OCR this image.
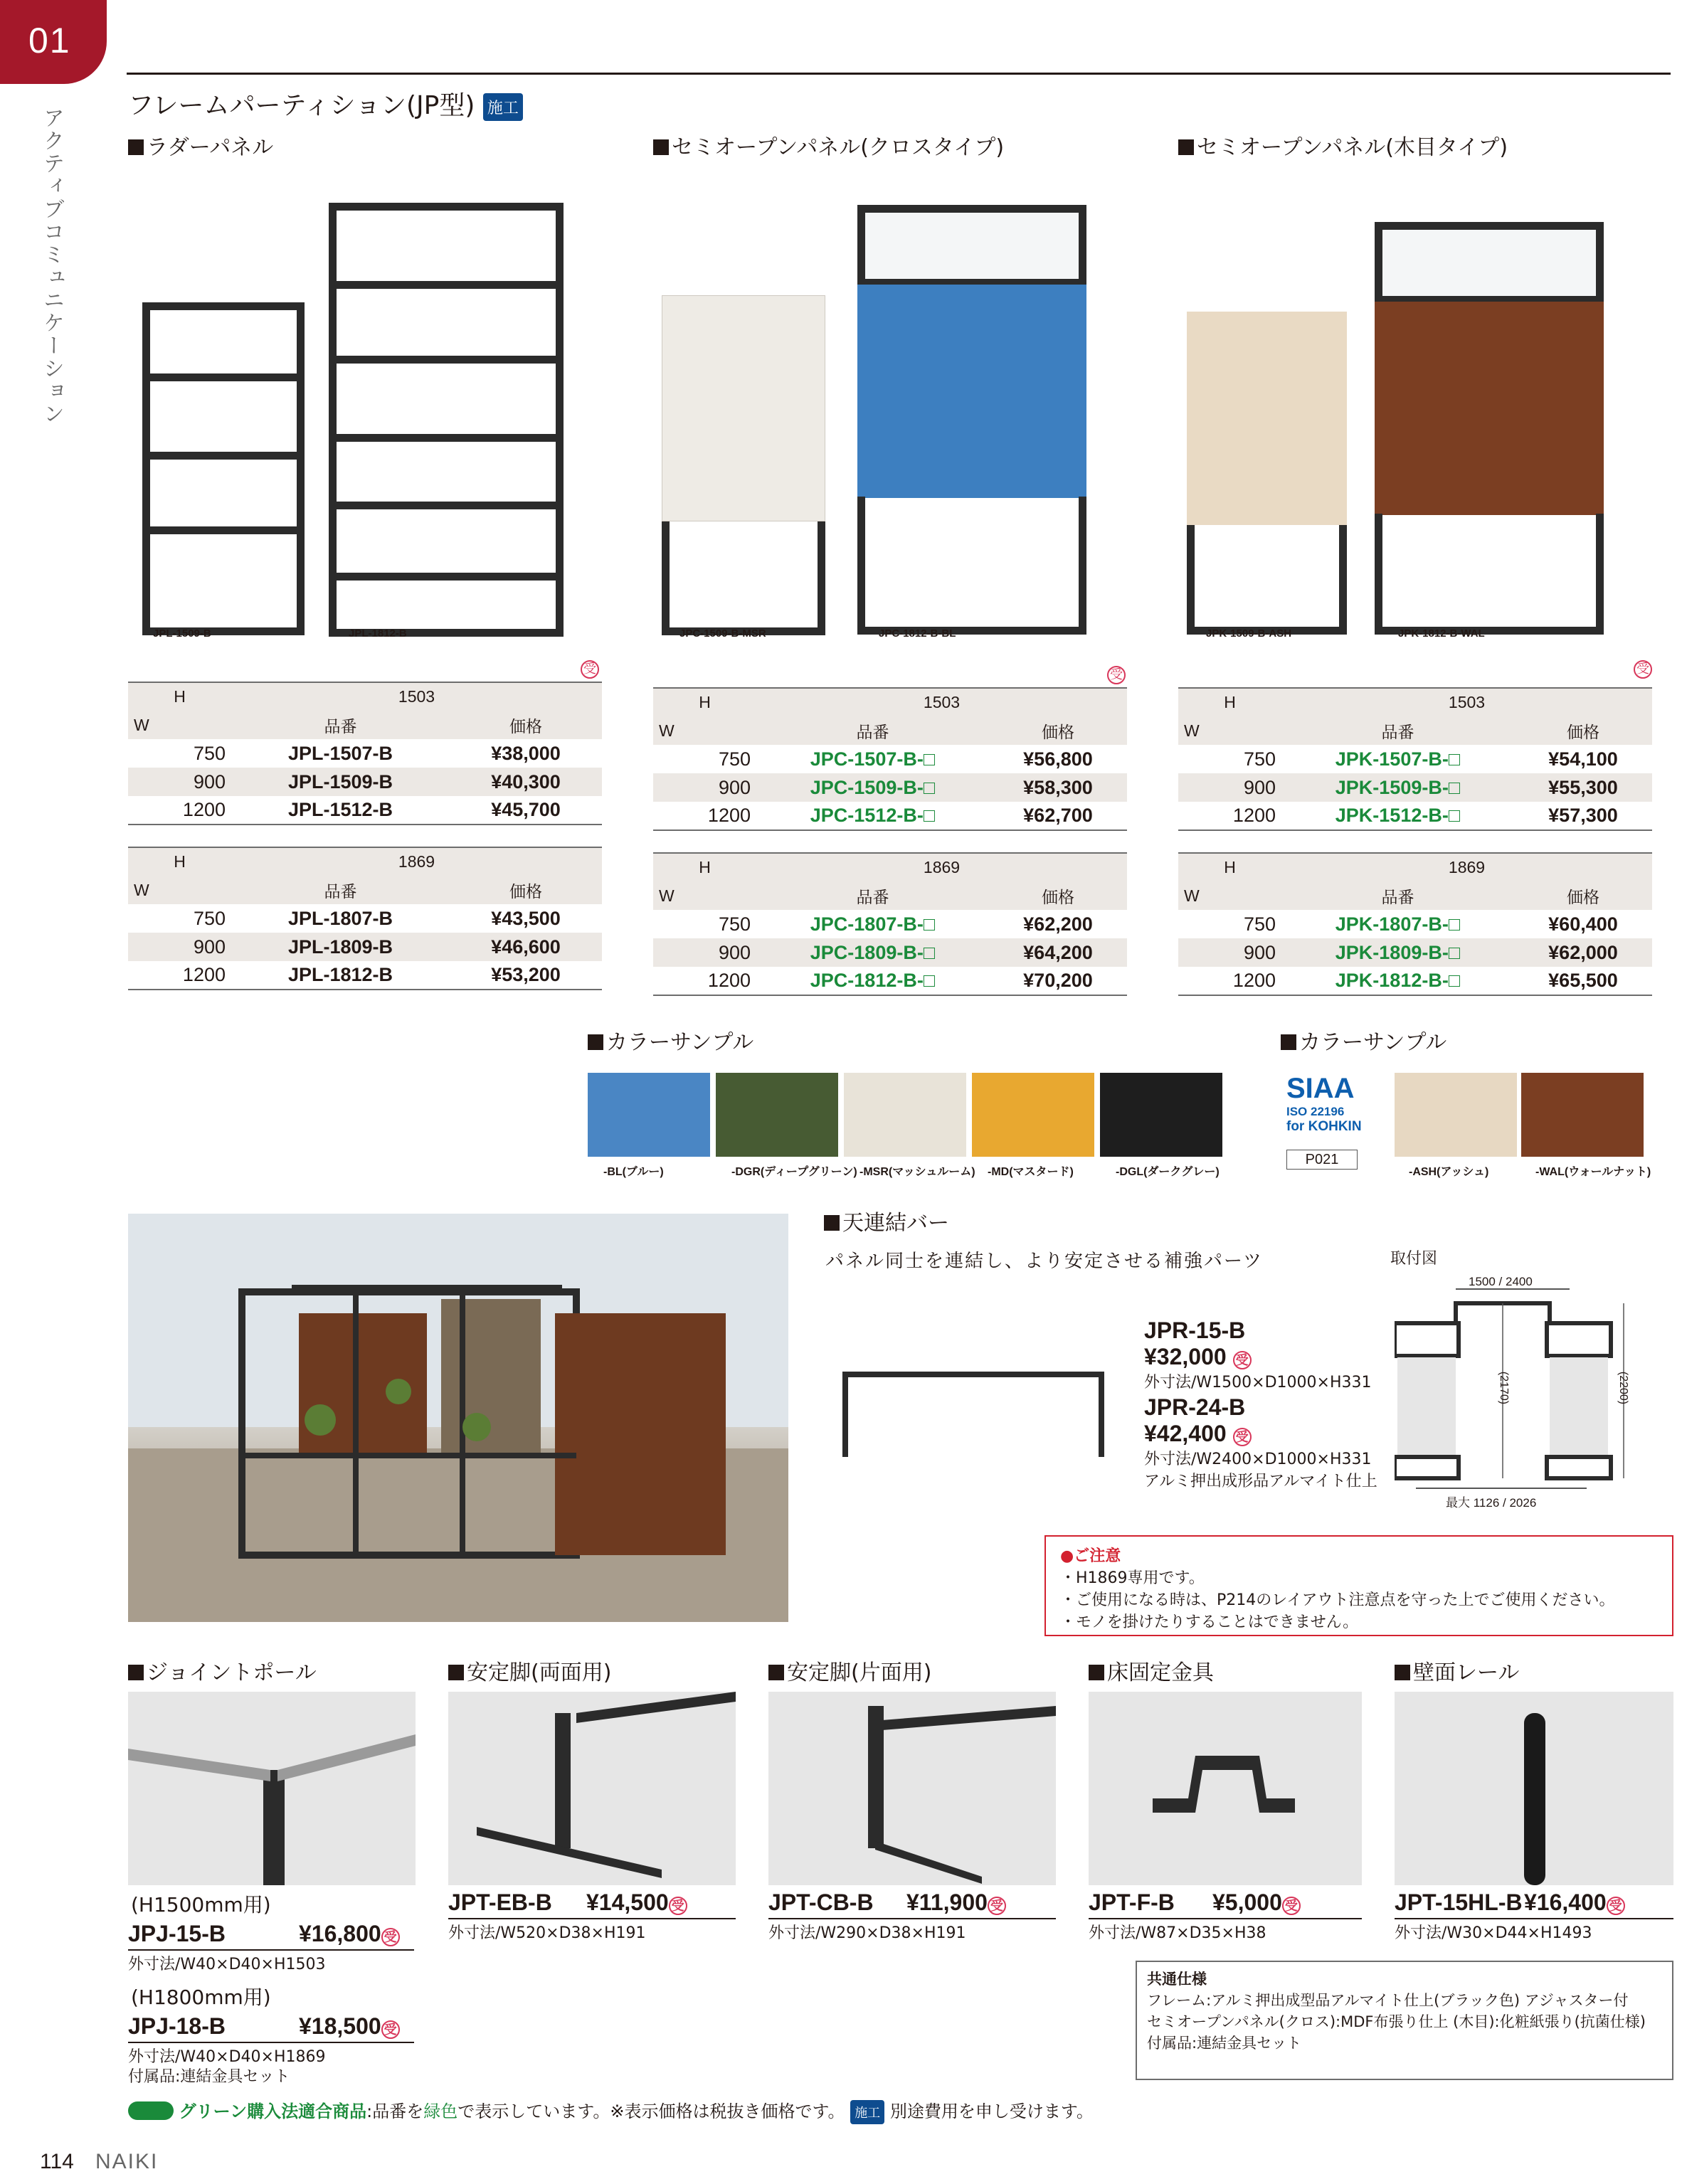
01
アクティブコミュニケーション
フレームパーティション(JP型) 施工
ラダーパネル	セミオープンパネル(クロスタイプ)	セミオープンパネル(木目タイプ)
JPL-1509-B	JPL-1812-B	JPC-1509-B-MSR	JPC-1812-B-BL	JPK-1509-B-ASH	JPK-1812-B-WAL
受	受	受
H	1503	
W	品番	価格
750	JPL-1507-B	¥38,000
900	JPL-1509-B	¥40,300
1200	JPL-1512-B	¥45,700
H	1869	
W	品番	価格
750	JPL-1807-B	¥43,500
900	JPL-1809-B	¥46,600
1200	JPL-1812-B	¥53,200
H	1503	
W	品番	価格
750	JPC-1507-B-□	¥56,800
900	JPC-1509-B-□	¥58,300
1200	JPC-1512-B-□	¥62,700
H	1869	
W	品番	価格
750	JPC-1807-B-□	¥62,200
900	JPC-1809-B-□	¥64,200
1200	JPC-1812-B-□	¥70,200
H	1503	
W	品番	価格
750	JPK-1507-B-□	¥54,100
900	JPK-1509-B-□	¥55,300
1200	JPK-1512-B-□	¥57,300
H	1869	
W	品番	価格
750	JPK-1807-B-□	¥60,400
900	JPK-1809-B-□	¥62,000
1200	JPK-1812-B-□	¥65,500
カラーサンプル
-BL(ブルー)	-DGR(ディープグリーン) -MSR(マッシュルーム) -MD(マスタード)	-DGL(ダークグレー)
カラーサンプル
SIAA
ISO 22196
for KOHKIN
P021
-ASH(アッシュ)	-WAL(ウォールナット)
天連結バー
パネル同士を連結し、より安定させる補強パーツ
JPR-15-B
¥32,000 受
外寸法/W1500×D1000×H331
JPR-24-B
¥42,400 受
外寸法/W2400×D1000×H331
アルミ押出成形品アルマイト仕上
取付図
1500 / 2400
(2170)	(2200)
最大 1126 / 2026
●ご注意
・H1869専用です。
・ご使用になる時は、P214のレイアウト注意点を守った上でご使用ください。
・モノを掛けたりすることはできません。
ジョイントポール	安定脚(両面用)	安定脚(片面用)	床固定金具	壁面レール
(H1500mm用)
JPJ-15-B	¥16,800 受
外寸法/W40×D40×H1503
(H1800mm用)
JPJ-18-B	¥18,500 受
外寸法/W40×D40×H1869
付属品:連結金具セット
JPT-EB-B ¥14,500 受
外寸法/W520×D38×H191
JPT-CB-B ¥11,900 受
外寸法/W290×D38×H191
JPT-F-B ¥5,000 受
外寸法/W87×D35×H38
JPT-15HL-B ¥16,400 受
外寸法/W30×D44×H1493
共通仕様
フレーム:アルミ押出成型品アルマイト仕上(ブラック色) アジャスター付
セミオープンパネル(クロス):MDF布張り仕上 (木目):化粧紙張り(抗菌仕様)
付属品:連結金具セット
グリーン購入法適合商品:品番を緑色で表示しています。※表示価格は税抜き価格です。 施工 別途費用を申し受けます。
114 NAIKI
